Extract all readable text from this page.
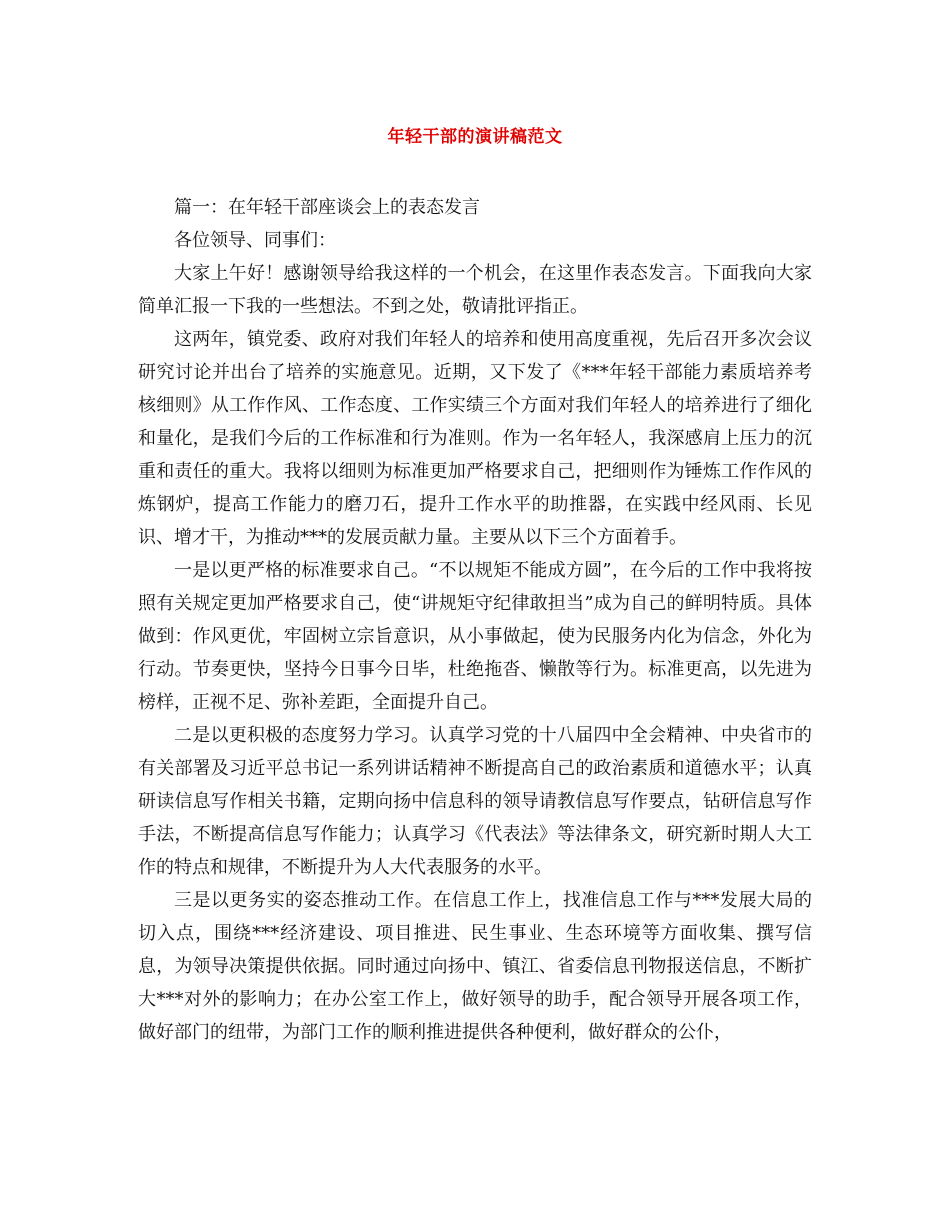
年轻干部的演讲稿范文

篇一：在年轻干部座谈会上的表态发言

各位领导、同事们：

大家上午好！感谢领导给我这样的一个机会，在这里作表态发言。下面我向大家简单汇报一下我的一些想法。不到之处，敬请批评指正。

这两年，镇党委、政府对我们年轻人的培养和使用高度重视，先后召开多次会议研究讨论并出台了培养的实施意见。近期，又下发了《***年轻干部能力素质培养考核细则》从工作作风、工作态度、工作实绩三个方面对我们年轻人的培养进行了细化和量化，是我们今后的工作标准和行为准则。作为一名年轻人，我深感肩上压力的沉重和责任的重大。我将以细则为标准更加严格要求自己，把细则作为锤炼工作作风的炼钢炉，提高工作能力的磨刀石，提升工作水平的助推器，在实践中经风雨、长见识、增才干，为推动***的发展贡献力量。主要从以下三个方面着手。

一是以更严格的标准要求自己。“不以规矩不能成方圆”，在今后的工作中我将按照有关规定更加严格要求自己，使“讲规矩守纪律敢担当”成为自己的鲜明特质。具体做到：作风更优，牢固树立宗旨意识，从小事做起，使为民服务内化为信念，外化为行动。节奏更快，坚持今日事今日毕，杜绝拖沓、懒散等行为。标准更高，以先进为榜样，正视不足、弥补差距，全面提升自己。

二是以更积极的态度努力学习。认真学习党的十八届四中全会精神、中央省市的有关部署及习近平总书记一系列讲话精神不断提高自己的政治素质和道德水平；认真研读信息写作相关书籍，定期向扬中信息科的领导请教信息写作要点，钻研信息写作手法，不断提高信息写作能力；认真学习《代表法》等法律条文，研究新时期人大工作的特点和规律，不断提升为人大代表服务的水平。

三是以更务实的姿态推动工作。在信息工作上，找准信息工作与***发展大局的切入点，围绕***经济建设、项目推进、民生事业、生态环境等方面收集、撰写信息，为领导决策提供依据。同时通过向扬中、镇江、省委信息刊物报送信息，不断扩大***对外的影响力；在办公室工作上，做好领导的助手，配合领导开展各项工作，做好部门的纽带，为部门工作的顺利推进提供各种便利，做好群众的公仆，
